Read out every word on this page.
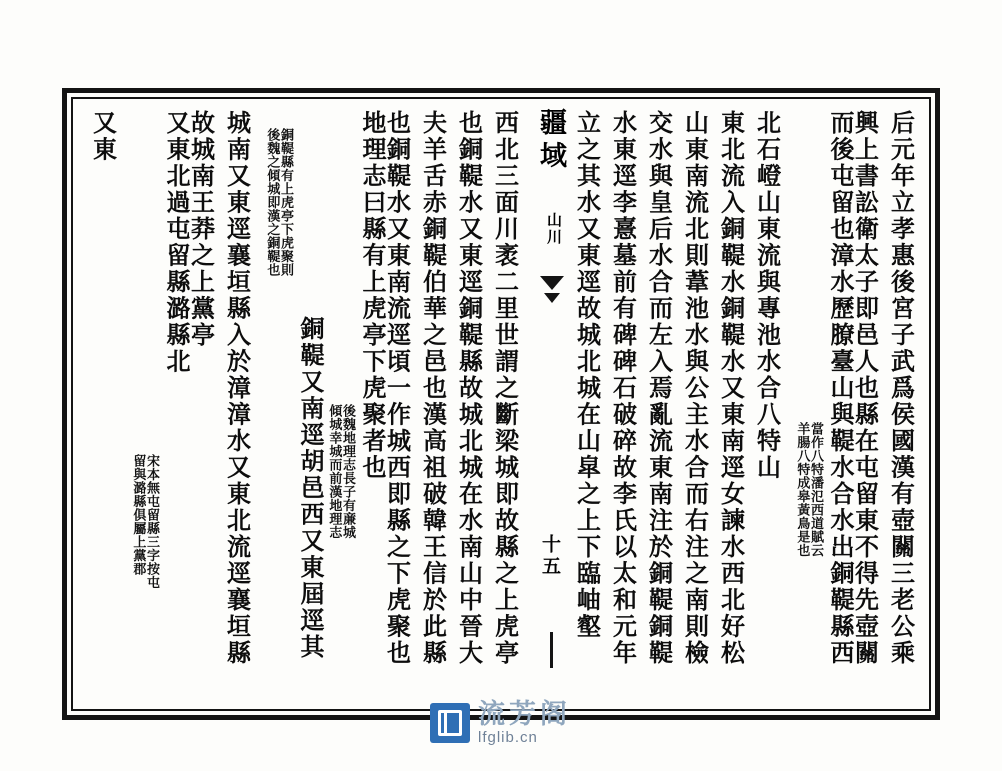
后元年立孝惠後宮子武爲侯國漢有壺關三老公乘
興上書訟衛太子即邑人也縣在屯留東不得先壺關
而後屯留也漳水歷膫臺山與鞮水合水出銅鞮縣西
當作八特潘氾西道賦云
羊腸八特成皋黃鳥是也
北石嶝山東流與專池水合八特山
東北流入銅鞮水銅鞮水又東南逕女諫水西北好松
山東南流北則葦池水與公主水合而右注之南則檢
交水與皇后水合而左入焉亂流東南注於銅鞮銅鞮
水東逕李憙墓前有碑碑石破碎故李氏以太和元年
立之其水又東逕故城北城在山皐之上下臨岫壑
疆域
山川
十五
西北三面川袤二里世謂之斷梁城即故縣之上虎亭
也銅鞮水又東逕銅鞮縣故城北城在水南山中晉大
夫羊舌赤銅鞮伯華之邑也漢高祖破韓王信於此縣
也銅鞮水又東南流逕頃一作城西即縣之下虎聚也
地理志曰縣有上虎亭下虎聚者也
後魏地理志長子有亷城
傾城幸城而前漢地理志
銅鞮又南逕胡邑西又東屆逕其
銅鞮縣有上虎亭下虎聚則
後魏之傾城即漢之銅鞮也
城南又東逕襄垣縣入於漳漳水又東北流逕襄垣縣
故城南王莽之上黨亭
又東北過屯留縣潞縣北
宋本無屯留縣三字按屯
留與潞縣俱屬上黨郡
又東
流芳阁
lfglib.cn
